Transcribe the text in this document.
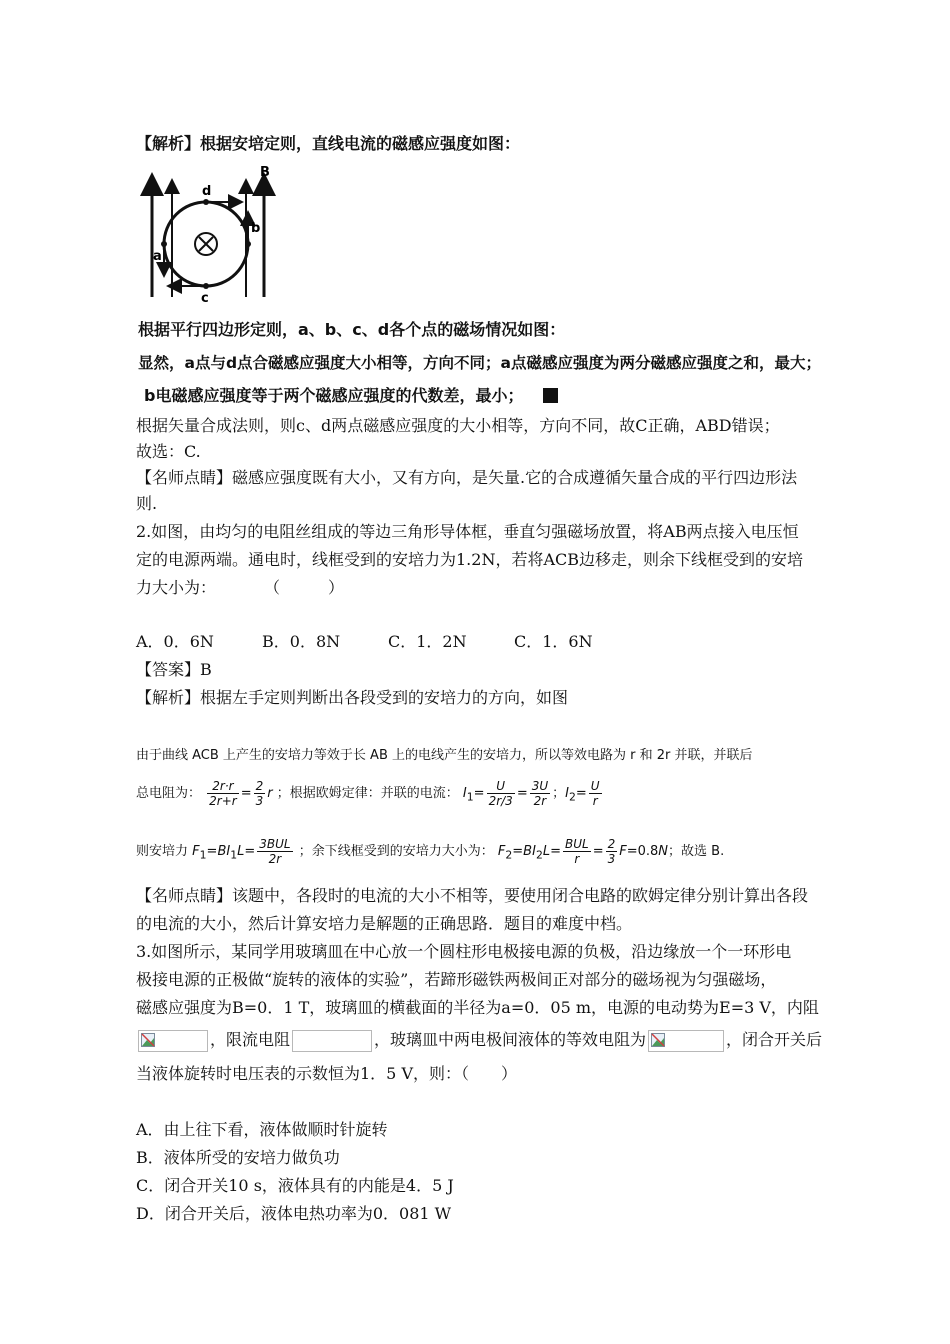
【解析】根据安培定则，直线电流的磁感应强度如图：
B
d
a
b
c
根据平行四边形定则，a、b、c、d各个点的磁场情况如图：
显然，a点与d点合磁感应强度大小相等，方向不同；a点磁感应强度为两分磁感应强度之和，最大；
b电磁感应强度等于两个磁感应强度的代数差，最小；
根据矢量合成法则，则c、d两点磁感应强度的大小相等，方向不同，故C正确，ABD错误；
故选：C.
【名师点睛】磁感应强度既有大小，又有方向，是矢量.它的合成遵循矢量合成的平行四边形法
则.
2.如图，由均匀的电阻丝组成的等边三角形导体框，垂直匀强磁场放置，将AB两点接入电压恒
定的电源两端。通电时，线框受到的安培力为1.2N，若将ACB边移走，则余下线框受到的安培
力大小为：　　　　（　　　）
A．0．6N	B．0．8N	C．1．2N	C．1．6N
【答案】B
【解析】根据左手定则判断出各段受到的安培力的方向，如图
由于曲线 ACB 上产生的安培力等效于长 AB 上的电线产生的安培力，所以等效电路为 r 和 2r 并联，并联后
总电阻为： $\frac{2r\cdot r}{2r+r} = \frac{2}{3}$ r ；根据欧姆定律：并联的电流： $I_1= \frac{U}{2r/3} = \frac{3U}{2r}$ ；$I_2= \frac{U}{r}$
则安培力 $F_1=BI_1L= \frac{\text{3BUL}}{2r}$ ；余下线框受到的安培力大小为： $F_2=BI_2L= \frac{\text{BUL}}{r} = \frac{2}{3} F=0.8N$；故选 B.
【名师点睛】该题中，各段时的电流的大小不相等，要使用闭合电路的欧姆定律分别计算出各段
的电流的大小，然后计算安培力是解题的正确思路．题目的难度中档。
3.如图所示，某同学用玻璃皿在中心放一个圆柱形电极接电源的负极，沿边缘放一个一环形电
极接电源的正极做“旋转的液体的实验”，若蹄形磁铁两极间正对部分的磁场视为匀强磁场，
磁感应强度为B=0．1 T，玻璃皿的横截面的半径为a=0．05 m，电源的电动势为E=3 V，内阻
，限流电阻	，玻璃皿中两电极间液体的等效电阻为	，闭合开关后
当液体旋转时电压表的示数恒为1．5 V，则：（　　）
A．由上往下看，液体做顺时针旋转
B．液体所受的安培力做负功
C．闭合开关10 s，液体具有的内能是4．5 J
D．闭合开关后，液体电热功率为0．081 W
